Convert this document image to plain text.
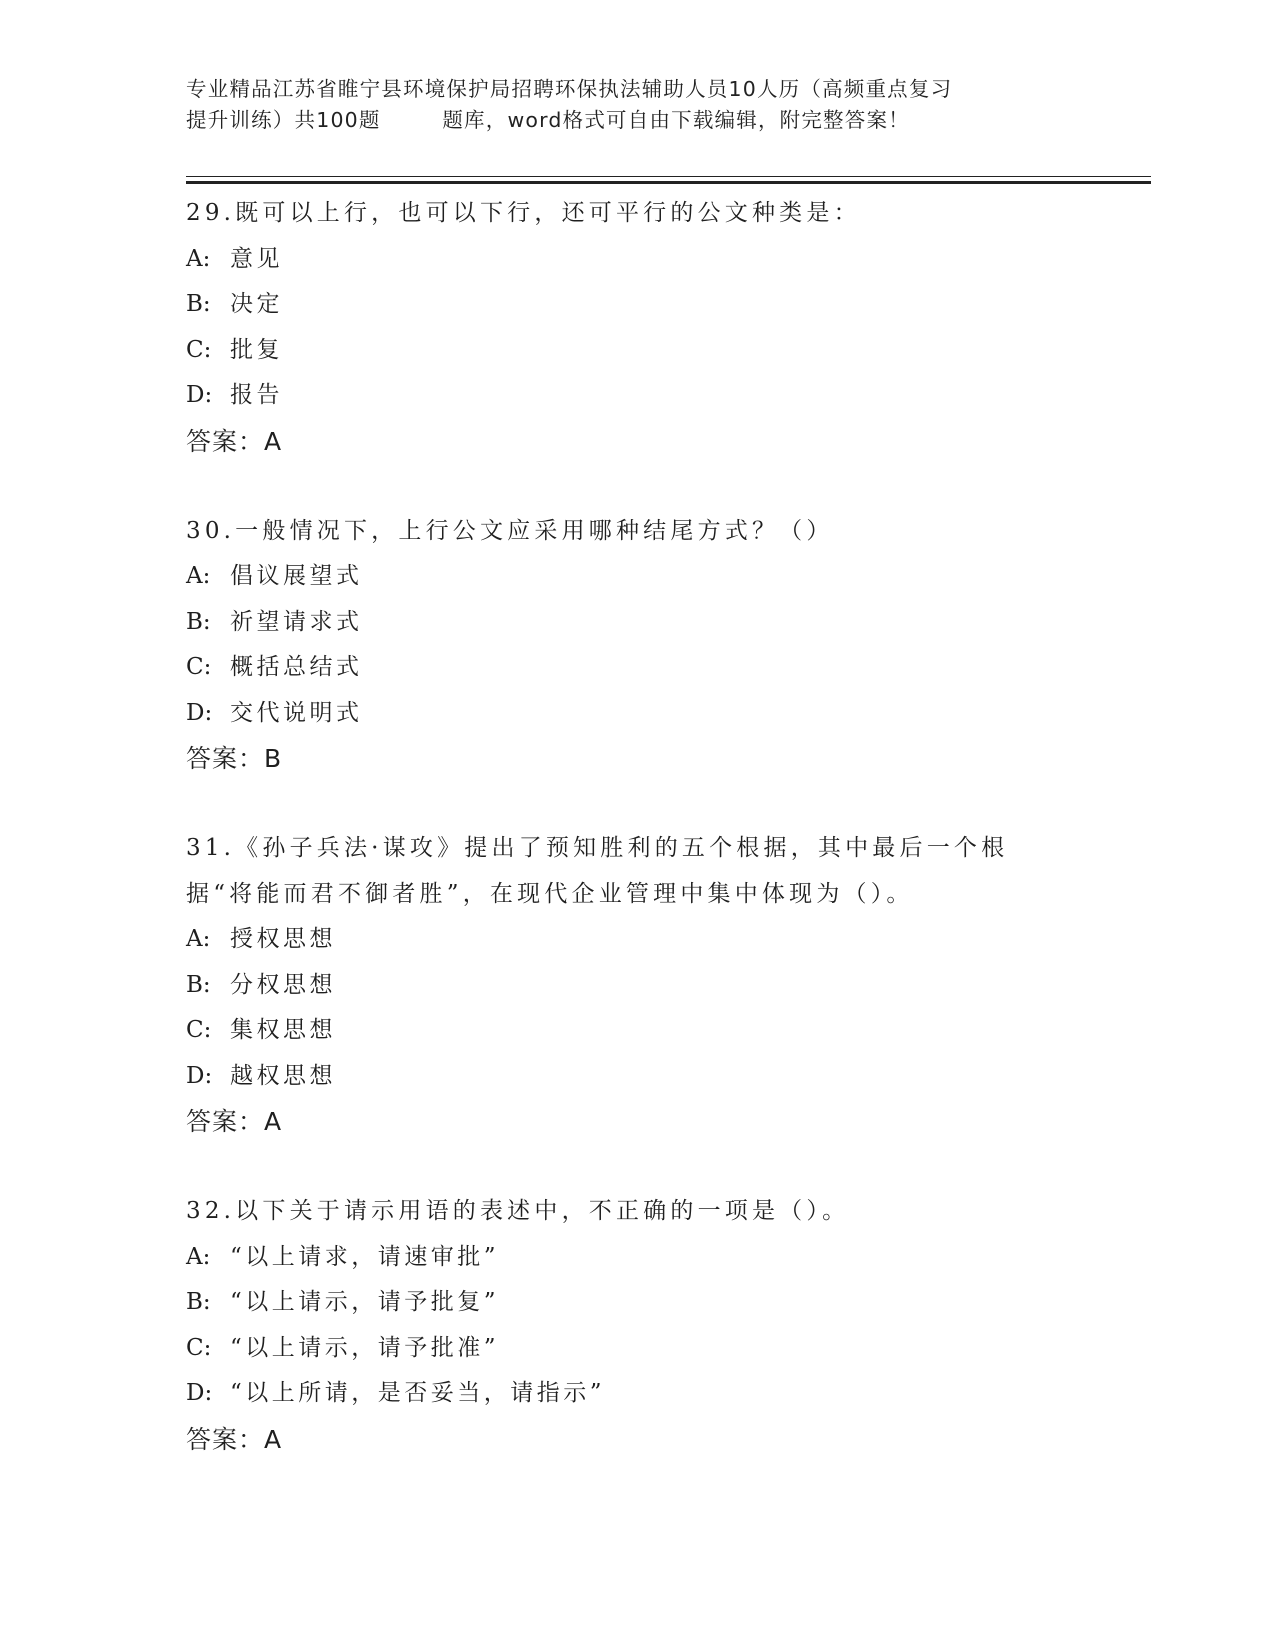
专业精品江苏省睢宁县环境保护局招聘环保执法辅助人员10人历（高频重点复习
提升训练）共100题        题库，word格式可自由下载编辑，附完整答案！
29.既可以上行，也可以下行，还可平行的公文种类是：
A: 意见
B: 决定
C: 批复
D: 报告
答案：A
30.一般情况下，上行公文应采用哪种结尾方式？（）
A: 倡议展望式
B: 祈望请求式
C: 概括总结式
D: 交代说明式
答案：B
31.《孙子兵法·谋攻》提出了预知胜利的五个根据，其中最后一个根
据“将能而君不御者胜”，在现代企业管理中集中体现为（）。
A: 授权思想
B: 分权思想
C: 集权思想
D: 越权思想
答案：A
32.以下关于请示用语的表述中，不正确的一项是（）。
A: “以上请求，请速审批”
B: “以上请示，请予批复”
C: “以上请示，请予批准”
D: “以上所请，是否妥当，请指示”
答案：A
